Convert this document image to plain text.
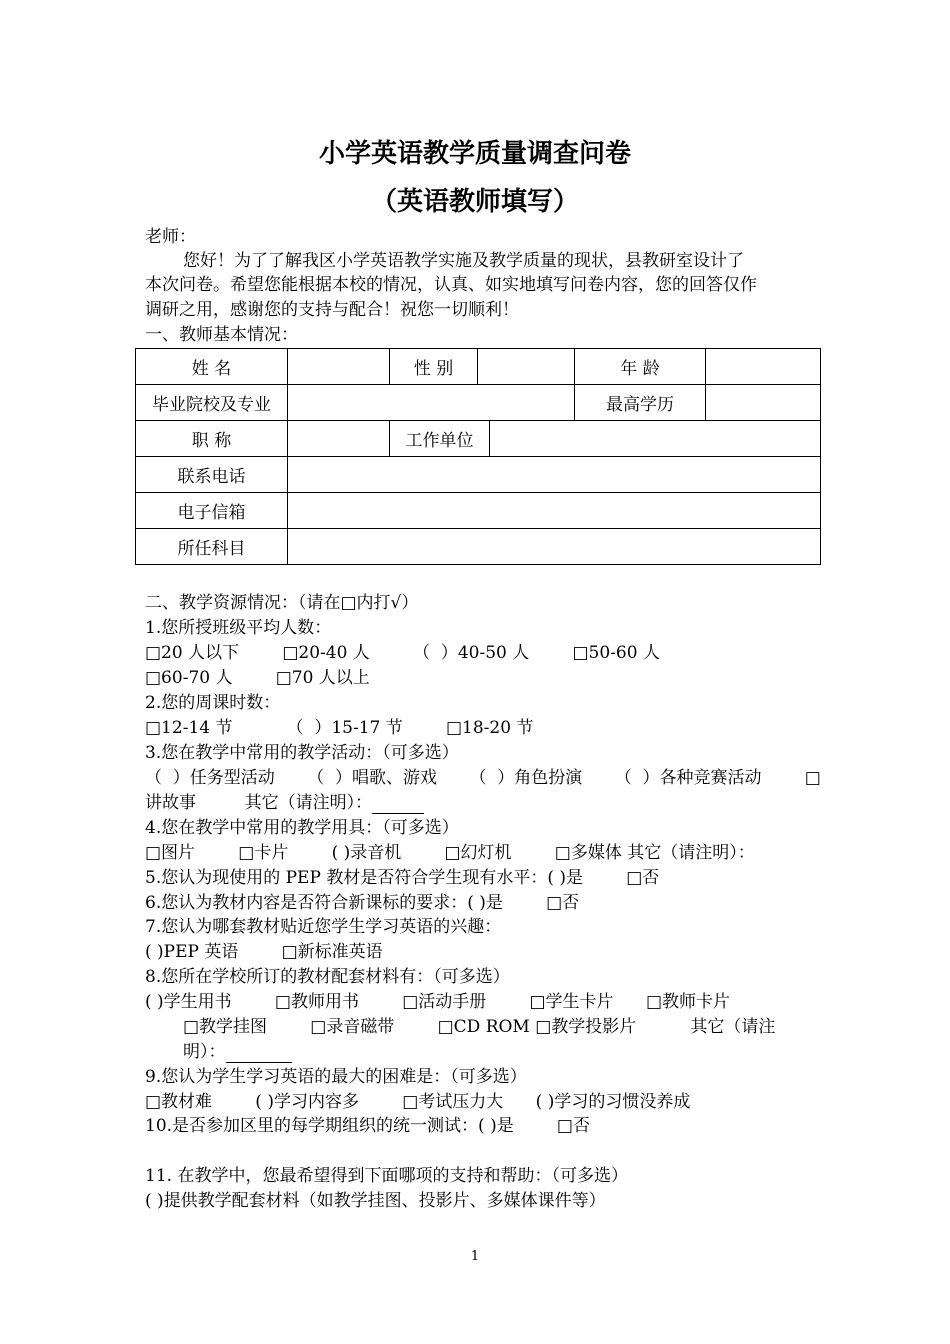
小学英语教学质量调查问卷
（英语教师填写）
老师：
您好！为了了解我区小学英语教学实施及教学质量的现状，县教研室设计了
本次问卷。希望您能根据本校的情况，认真、如实地填写问卷内容，您的回答仅作
调研之用，感谢您的支持与配合！祝您一切顺利！
一、教师基本情况：
姓 名		性 别			年 龄	
毕业院校及专业					最高学历	
职 称		工作单位				
联系电话						
电子信箱						
所任科目						
二、教学资源情况：（请在□内打√）
1.您所授班级平均人数：
□20 人以下        □20-40 人        （  ）40-50 人        □50-60 人
□60-70 人        □70 人以上
2.您的周课时数：
□12-14 节          （  ）15-17 节        □18-20 节
3.您在教学中常用的教学活动：（可多选）
（  ）任务型活动      （  ）唱歌、游戏      （  ）角色扮演      （  ）各种竞赛活动        □
讲故事         其它（请注明）：
4.您在教学中常用的教学用具：（可多选）
□图片        □卡片        ( )录音机        □幻灯机        □多媒体 其它（请注明）：
5.您认为现使用的 PEP 教材是否符合学生现有水平：( )是        □否
6.您认为教材内容是否符合新课标的要求：( )是        □否
7.您认为哪套教材贴近您学生学习英语的兴趣：
( )PEP 英语        □新标准英语
8.您所在学校所订的教材配套材料有：（可多选）
( )学生用书        □教师用书        □活动手册        □学生卡片      □教师卡片
□教学挂图        □录音磁带        □CD ROM □教学投影片          其它（请注
明）：
9.您认为学生学习英语的最大的困难是：（可多选）
□教材难        ( )学习内容多        □考试压力大      ( )学习的习惯没养成
10.是否参加区里的每学期组织的统一测试：( )是        □否
11. 在教学中，您最希望得到下面哪项的支持和帮助：（可多选）
( )提供教学配套材料（如教学挂图、投影片、多媒体课件等）
1
